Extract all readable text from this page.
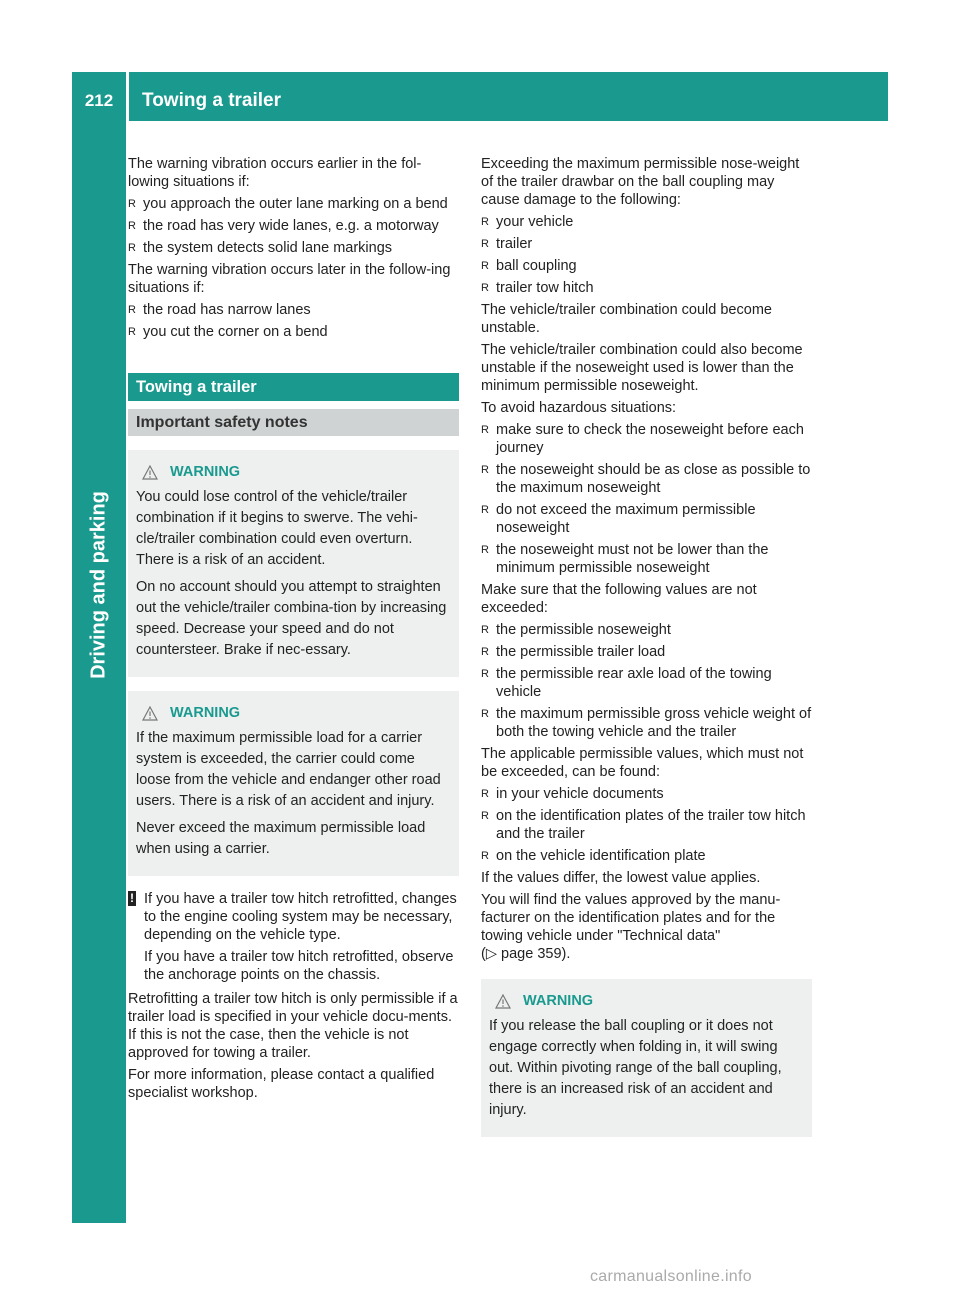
212	Towing a trailer
Driving and parking

The warning vibration occurs earlier in the fol-lowing situations if:

R you approach the outer lane marking on a bend
R the road has very wide lanes, e.g. a motorway
R the system detects solid lane markings

The warning vibration occurs later in the follow-ing situations if:

R the road has narrow lanes
R you cut the corner on a bend
Towing a trailer
Important safety notes
WARNING

You could lose control of the vehicle/trailer combination if it begins to swerve. The vehi-cle/trailer combination could even overturn. There is a risk of an accident.

On no account should you attempt to straighten out the vehicle/trailer combina-tion by increasing speed. Decrease your speed and do not countersteer. Brake if nec-essary.

WARNING

If the maximum permissible load for a carrier system is exceeded, the carrier could come loose from the vehicle and endanger other road users. There is a risk of an accident and injury.

Never exceed the maximum permissible load when using a carrier.

! If you have a trailer tow hitch retrofitted, changes to the engine cooling system may be necessary, depending on the vehicle type.

If you have a trailer tow hitch retrofitted, observe the anchorage points on the chassis.

Retrofitting a trailer tow hitch is only permissible if a trailer load is specified in your vehicle docu-ments. If this is not the case, then the vehicle is not approved for towing a trailer.

For more information, please contact a qualified specialist workshop.

Exceeding the maximum permissible nose-weight of the trailer drawbar on the ball coupling may cause damage to the following:

R your vehicle
R trailer
R ball coupling
R trailer tow hitch

The vehicle/trailer combination could become unstable.

The vehicle/trailer combination could also become unstable if the noseweight used is lower than the minimum permissible noseweight.

To avoid hazardous situations:

R make sure to check the noseweight before each journey
R the noseweight should be as close as possible to the maximum noseweight
R do not exceed the maximum permissible noseweight
R the noseweight must not be lower than the minimum permissible noseweight

Make sure that the following values are not exceeded:

R the permissible noseweight
R the permissible trailer load
R the permissible rear axle load of the towing vehicle
R the maximum permissible gross vehicle weight of both the towing vehicle and the trailer

The applicable permissible values, which must not be exceeded, can be found:

R in your vehicle documents
R on the identification plates of the trailer tow hitch and the trailer
R on the vehicle identification plate

If the values differ, the lowest value applies.

You will find the values approved by the manu-facturer on the identification plates and for the towing vehicle under "Technical data"
(▷ page 359).

WARNING

If you release the ball coupling or it does not engage correctly when folding in, it will swing out. Within pivoting range of the ball coupling, there is an increased risk of an accident and injury.

carmanualsonline.info
